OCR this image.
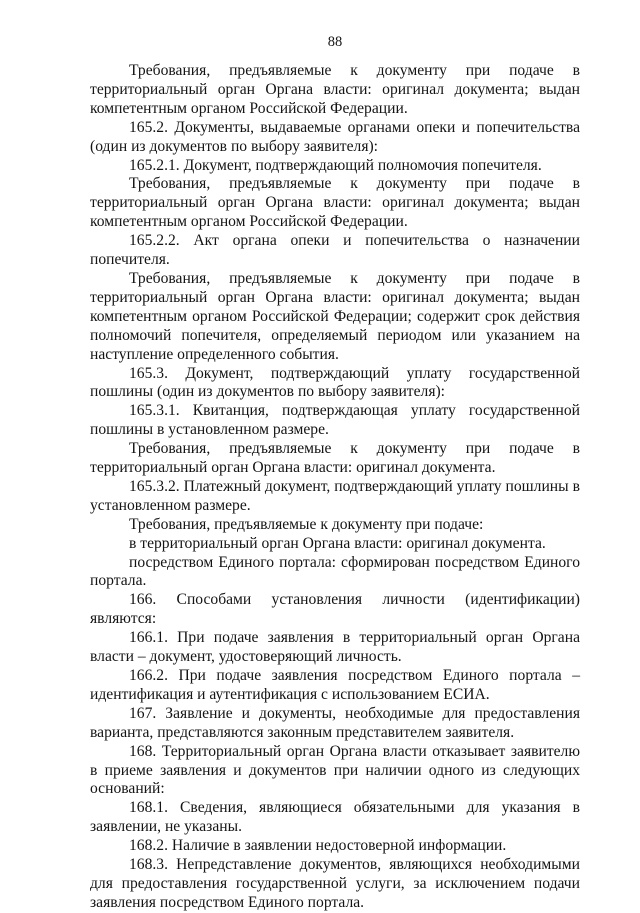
88

Требования, предъявляемые к документу при подаче в территориальный орган Органа власти: оригинал документа; выдан компетентным органом Российской Федерации.

165.2. Документы, выдаваемые органами опеки и попечительства (один из документов по выбору заявителя):

165.2.1. Документ, подтверждающий полномочия попечителя.

Требования, предъявляемые к документу при подаче в территориальный орган Органа власти: оригинал документа; выдан компетентным органом Российской Федерации.

165.2.2. Акт органа опеки и попечительства о назначении попечителя.

Требования, предъявляемые к документу при подаче в территориальный орган Органа власти: оригинал документа; выдан компетентным органом Российской Федерации; содержит срок действия полномочий попечителя, определяемый периодом или указанием на наступление определенного события.

165.3. Документ, подтверждающий уплату государственной пошлины (один из документов по выбору заявителя):

165.3.1. Квитанция, подтверждающая уплату государственной пошлины в установленном размере.

Требования, предъявляемые к документу при подаче в территориальный орган Органа власти: оригинал документа.

165.3.2. Платежный документ, подтверждающий уплату пошлины в установленном размере.

Требования, предъявляемые к документу при подаче:

в территориальный орган Органа власти: оригинал документа.

посредством Единого портала: сформирован посредством Единого портала.

166. Способами установления личности (идентификации) являются:

166.1. При подаче заявления в территориальный орган Органа власти – документ, удостоверяющий личность.

166.2. При подаче заявления посредством Единого портала – идентификация и аутентификация с использованием ЕСИА.

167. Заявление и документы, необходимые для предоставления варианта, представляются законным представителем заявителя.

168. Территориальный орган Органа власти отказывает заявителю в приеме заявления и документов при наличии одного из следующих оснований:

168.1. Сведения, являющиеся обязательными для указания в заявлении, не указаны.

168.2. Наличие в заявлении недостоверной информации.

168.3. Непредставление документов, являющихся необходимыми для предоставления государственной услуги, за исключением подачи заявления посредством Единого портала.
